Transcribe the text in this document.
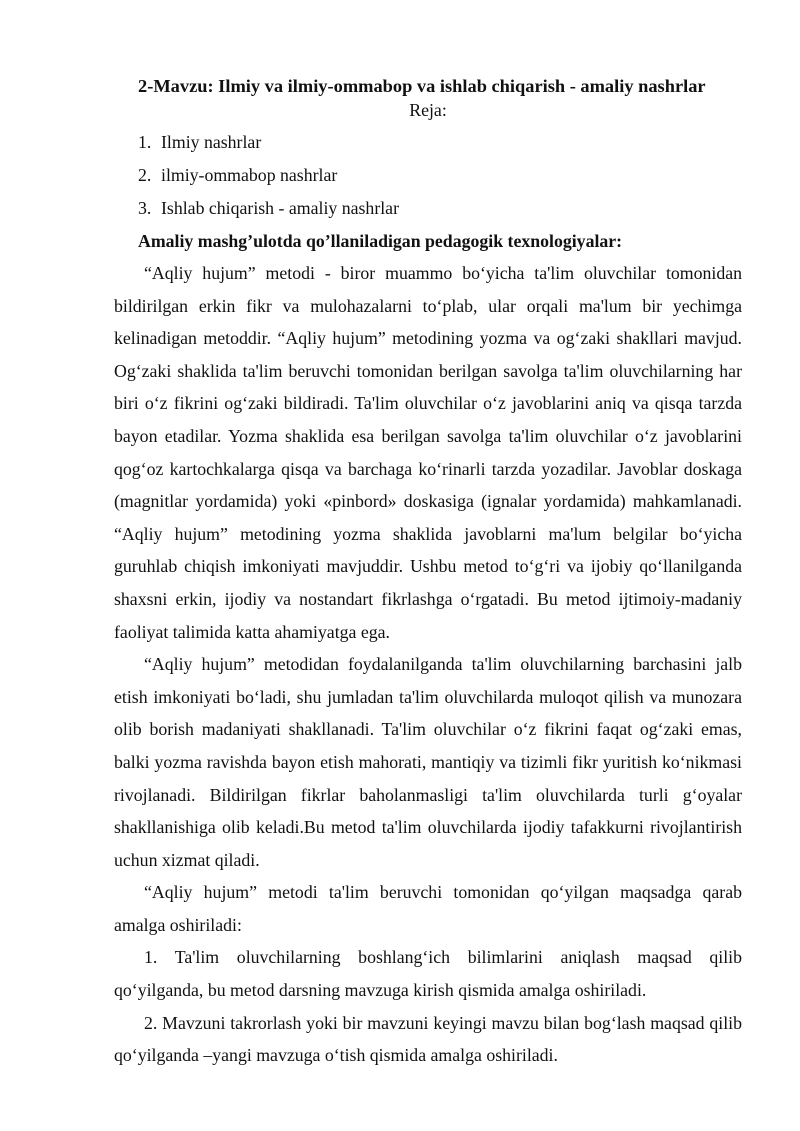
2-Mavzu: Ilmiy va ilmiy-ommabop va ishlab chiqarish - amaliy nashrlar
Reja:
1. Ilmiy nashrlar
2. ilmiy-ommabop nashrlar
3. Ishlab chiqarish - amaliy nashrlar
Amaliy mashg’ulotda qo’llaniladigan pedagogik texnologiyalar:

“Aqliy hujum” metodi - biror muammo bo‘yicha ta'lim oluvchilar tomonidan bildirilgan erkin fikr va mulohazalarni to‘plab, ular orqali ma'lum bir yechimga kelinadigan metoddir. “Aqliy hujum” metodining yozma va og‘zaki shakllari mavjud. Og‘zaki shaklida ta'lim beruvchi tomonidan berilgan savolga ta'lim oluvchilarning har biri o‘z fikrini og‘zaki bildiradi. Ta'lim oluvchilar o‘z javoblarini aniq va qisqa tarzda bayon etadilar. Yozma shaklida esa berilgan savolga ta'lim oluvchilar o‘z javoblarini qog‘oz kartochkalarga qisqa va barchaga ko‘rinarli tarzda yozadilar. Javoblar doskaga (magnitlar yordamida) yoki «pinbord» doskasiga (ignalar yordamida) mahkamlanadi. “Aqliy hujum” metodining yozma shaklida javoblarni ma'lum belgilar bo‘yicha guruhlab chiqish imkoniyati mavjuddir. Ushbu metod to‘g‘ri va ijobiy qo‘llanilganda shaxsni erkin, ijodiy va nostandart fikrlashga o‘rgatadi. Bu metod ijtimoiy-madaniy faoliyat talimida katta ahamiyatga ega.

“Aqliy hujum” metodidan foydalanilganda ta'lim oluvchilarning barchasini jalb etish imkoniyati bo‘ladi, shu jumladan ta'lim oluvchilarda muloqot qilish va munozara olib borish madaniyati shakllanadi. Ta'lim oluvchilar o‘z fikrini faqat og‘zaki emas, balki yozma ravishda bayon etish mahorati, mantiqiy va tizimli fikr yuritish ko‘nikmasi rivojlanadi. Bildirilgan fikrlar baholanmasligi ta'lim oluvchilarda turli g‘oyalar shakllanishiga olib keladi.Bu metod ta'lim oluvchilarda ijodiy tafakkurni rivojlantirish uchun xizmat qiladi.

“Aqliy hujum” metodi ta'lim beruvchi tomonidan qo‘yilgan maqsadga qarab amalga oshiriladi:

1. Ta'lim oluvchilarning boshlang‘ich bilimlarini aniqlash maqsad qilib qo‘yilganda, bu metod darsning mavzuga kirish qismida amalga oshiriladi.

2. Mavzuni takrorlash yoki bir mavzuni keyingi mavzu bilan bog‘lash maqsad qilib qo‘yilganda –yangi mavzuga o‘tish qismida amalga oshiriladi.
